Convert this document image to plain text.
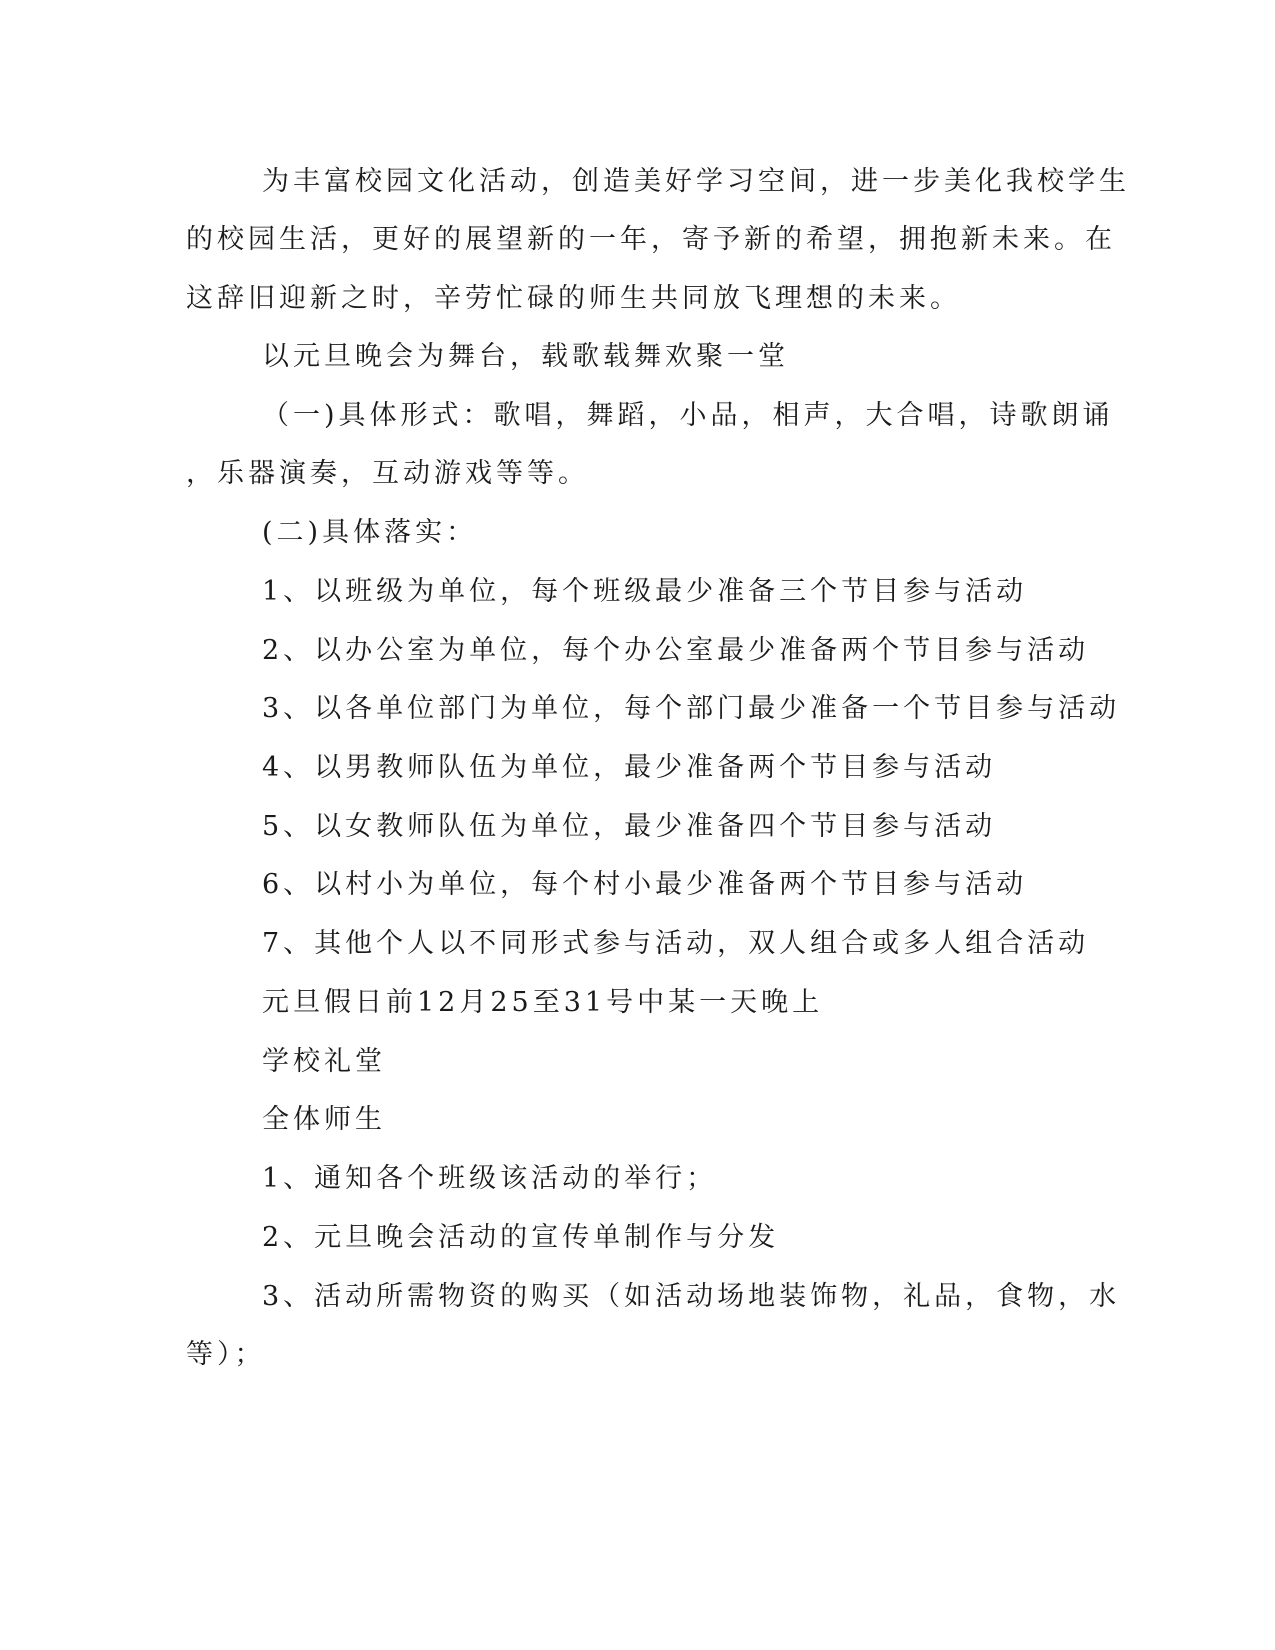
为丰富校园文化活动，创造美好学习空间，进一步美化我校学生
的校园生活，更好的展望新的一年，寄予新的希望，拥抱新未来。在
这辞旧迎新之时，辛劳忙碌的师生共同放飞理想的未来。
以元旦晚会为舞台，载歌载舞欢聚一堂
（一)具体形式：歌唱，舞蹈，小品，相声，大合唱，诗歌朗诵
，乐器演奏，互动游戏等等。
(二)具体落实：
1、以班级为单位，每个班级最少准备三个节目参与活动
2、以办公室为单位，每个办公室最少准备两个节目参与活动
3、以各单位部门为单位，每个部门最少准备一个节目参与活动
4、以男教师队伍为单位，最少准备两个节目参与活动
5、以女教师队伍为单位，最少准备四个节目参与活动
6、以村小为单位，每个村小最少准备两个节目参与活动
7、其他个人以不同形式参与活动，双人组合或多人组合活动
元旦假日前12月25至31号中某一天晚上
学校礼堂
全体师生
1、通知各个班级该活动的举行；
2、元旦晚会活动的宣传单制作与分发
3、活动所需物资的购买（如活动场地装饰物，礼品，食物，水
等）；
